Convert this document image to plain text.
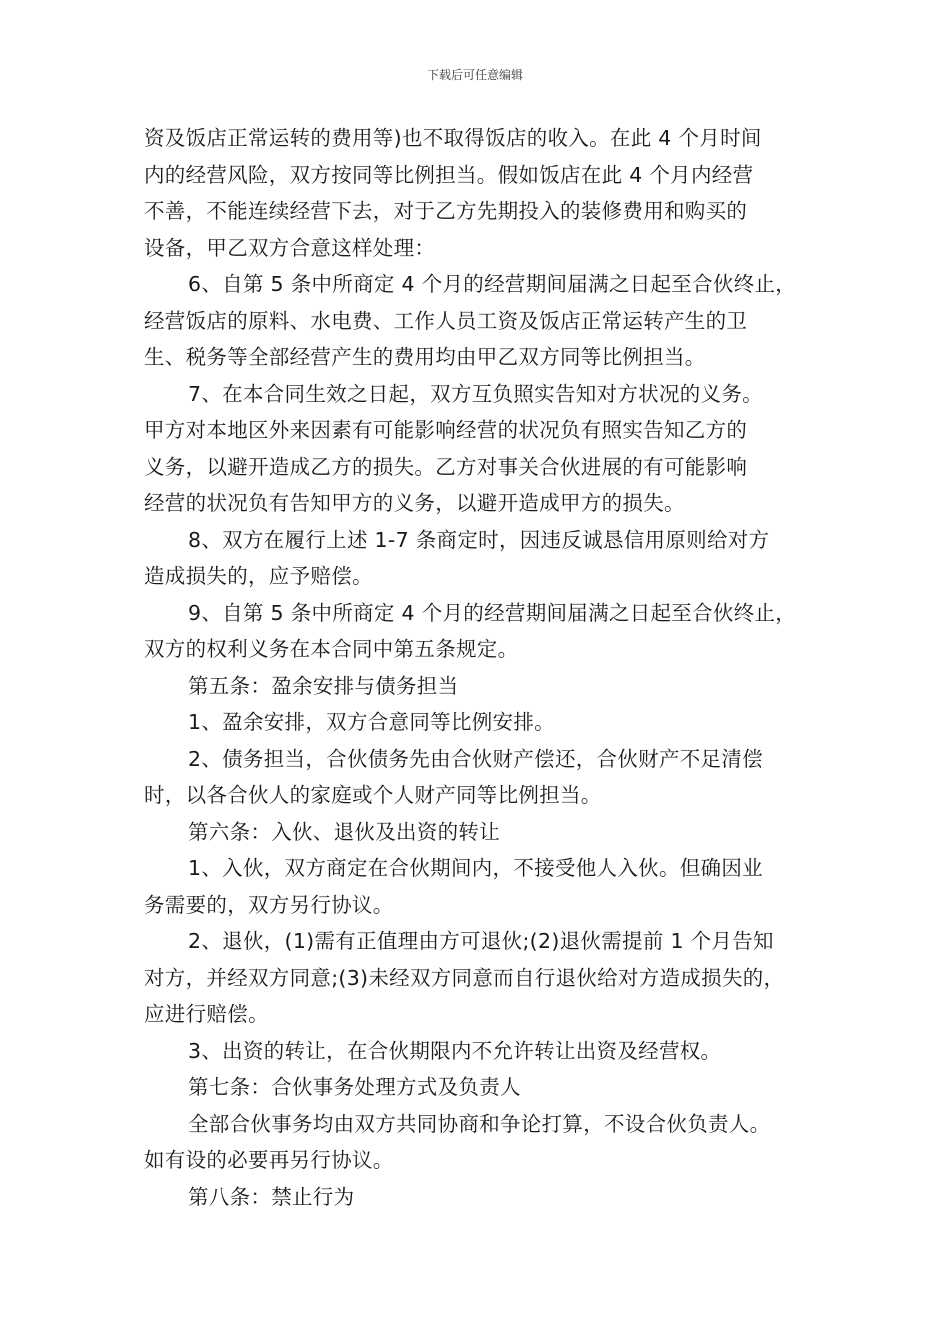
下载后可任意编辑
资及饭店正常运转的费用等)也不取得饭店的收入。在此 4 个月时间
内的经营风险，双方按同等比例担当。假如饭店在此 4 个月内经营
不善，不能连续经营下去，对于乙方先期投入的装修费用和购买的
设备，甲乙双方合意这样处理：
6、自第 5 条中所商定 4 个月的经营期间届满之日起至合伙终止，
经营饭店的原料、水电费、工作人员工资及饭店正常运转产生的卫
生、税务等全部经营产生的费用均由甲乙双方同等比例担当。
7、在本合同生效之日起，双方互负照实告知对方状况的义务。
甲方对本地区外来因素有可能影响经营的状况负有照实告知乙方的
义务，以避开造成乙方的损失。乙方对事关合伙进展的有可能影响
经营的状况负有告知甲方的义务，以避开造成甲方的损失。
8、双方在履行上述 1-7 条商定时，因违反诚恳信用原则给对方
造成损失的，应予赔偿。
9、自第 5 条中所商定 4 个月的经营期间届满之日起至合伙终止，
双方的权利义务在本合同中第五条规定。
第五条：盈余安排与债务担当
1、盈余安排，双方合意同等比例安排。
2、债务担当，合伙债务先由合伙财产偿还，合伙财产不足清偿
时，以各合伙人的家庭或个人财产同等比例担当。
第六条：入伙、退伙及出资的转让
1、入伙，双方商定在合伙期间内，不接受他人入伙。但确因业
务需要的，双方另行协议。
2、退伙，(1)需有正值理由方可退伙;(2)退伙需提前 1 个月告知
对方，并经双方同意;(3)未经双方同意而自行退伙给对方造成损失的，
应进行赔偿。
3、出资的转让，在合伙期限内不允许转让出资及经营权。
第七条：合伙事务处理方式及负责人
全部合伙事务均由双方共同协商和争论打算，不设合伙负责人。
如有设的必要再另行协议。
第八条：禁止行为
